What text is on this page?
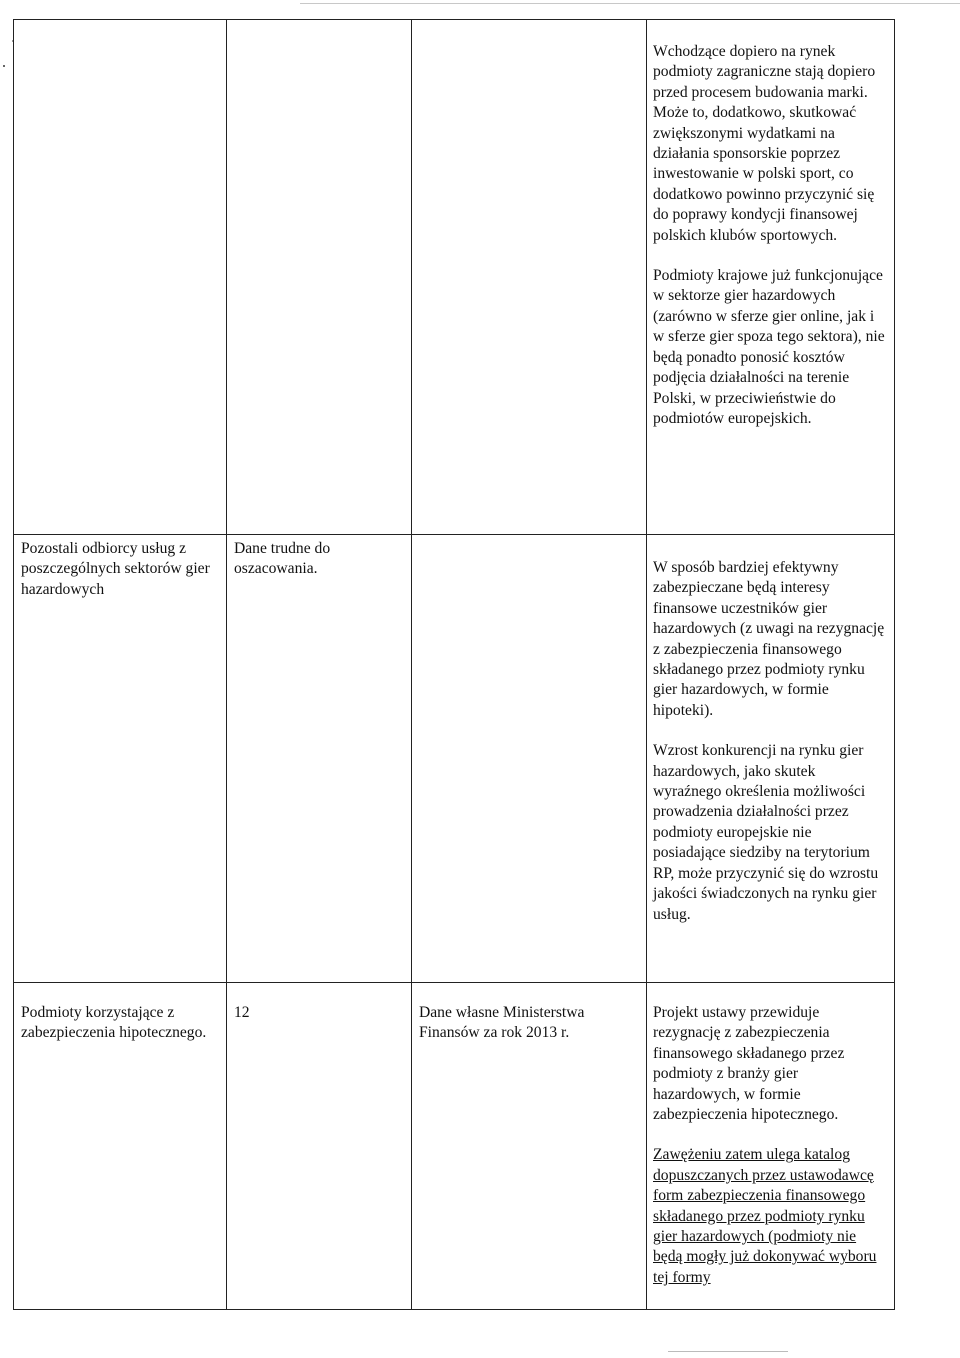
			Wchodzące dopiero na rynek podmioty zagraniczne stają dopiero przed procesem budowania marki. Może to, dodatkowo, skutkować zwiększonymi wydatkami na działania sponsorskie poprzez inwestowanie w polski sport, co dodatkowo powinno przyczynić się do poprawy kondycji finansowej polskich klubów sportowych.

Podmioty krajowe już funkcjonujące w sektorze gier hazardowych (zarówno w sferze gier online, jak i w sferze gier spoza tego sektora), nie będą ponadto ponosić kosztów podjęcia działalności na terenie Polski, w przeciwieństwie do podmiotów europejskich.

Pozostali odbiorcy usług z poszczególnych sektorów gier hazardowych	Dane trudne do oszacowania.		W sposób bardziej efektywny zabezpieczane będą interesy finansowe uczestników gier hazardowych (z uwagi na rezygnację z zabezpieczenia finansowego składanego przez podmioty rynku gier hazardowych, w formie hipoteki).

Wzrost konkurencji na rynku gier hazardowych, jako skutek wyraźnego określenia możliwości prowadzenia działalności przez podmioty europejskie nie posiadające siedziby na terytorium RP, może przyczynić się do wzrostu jakości świadczonych na rynku gier usług.

Podmioty korzystające z zabezpieczenia hipotecznego.	12	Dane własne Ministerstwa Finansów za rok 2013 r.	Projekt ustawy przewiduje rezygnację z zabezpieczenia finansowego składanego przez podmioty z branży gier hazardowych, w formie zabezpieczenia hipotecznego.

Zawężeniu zatem ulega katalog dopuszczanych przez ustawodawcę form zabezpieczenia finansowego składanego przez podmioty rynku gier hazardowych (podmioty nie będą mogły już dokonywać wyboru tej formy
